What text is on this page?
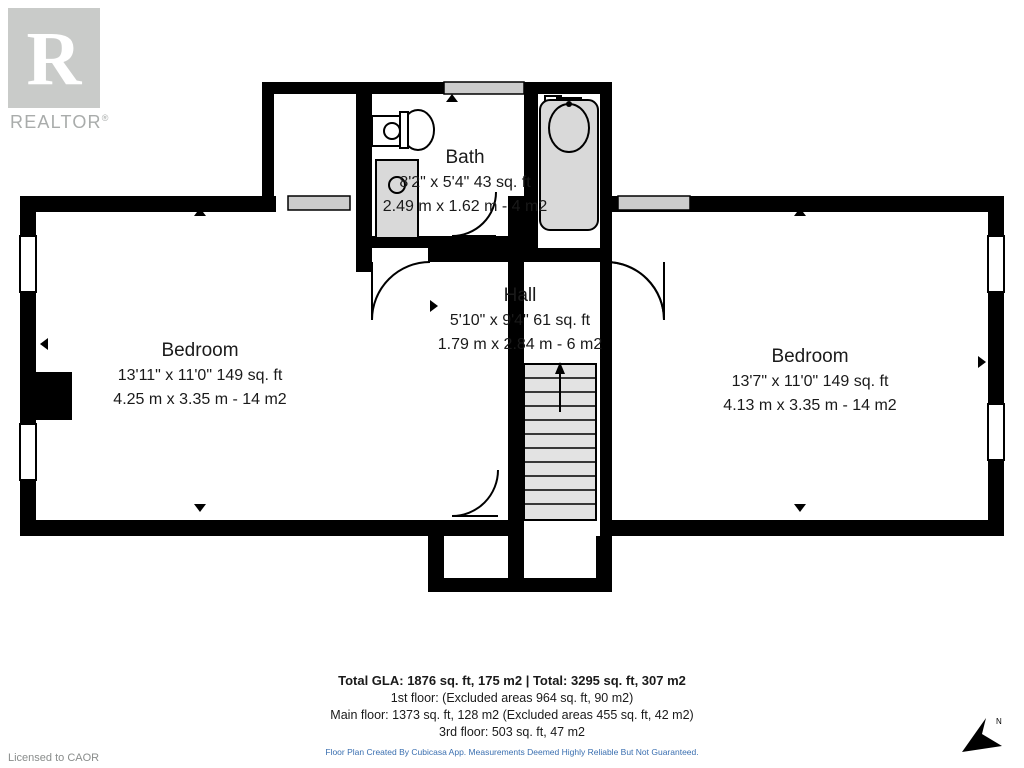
R
REALTOR®
Bath
8'2" x 5'4" 43 sq. ft
2.49 m x 1.62 m - 4 m2
Hall
5'10" x 9'4" 61 sq. ft
1.79 m x 2.84 m - 6 m2
Bedroom
13'11" x 11'0" 149 sq. ft
4.25 m x 3.35 m - 14 m2
Bedroom
13'7" x 11'0" 149 sq. ft
4.13 m x 3.35 m - 14 m2
Total GLA: 1876 sq. ft, 175 m2 | Total: 3295 sq. ft, 307 m2
1st floor: (Excluded areas 964 sq. ft, 90 m2)
Main floor: 1373 sq. ft, 128 m2 (Excluded areas 455 sq. ft, 42 m2)
3rd floor: 503 sq. ft, 47 m2
Floor Plan Created By Cubicasa App. Measurements Deemed Highly Reliable But Not Guaranteed.
Licensed to CAOR
N
